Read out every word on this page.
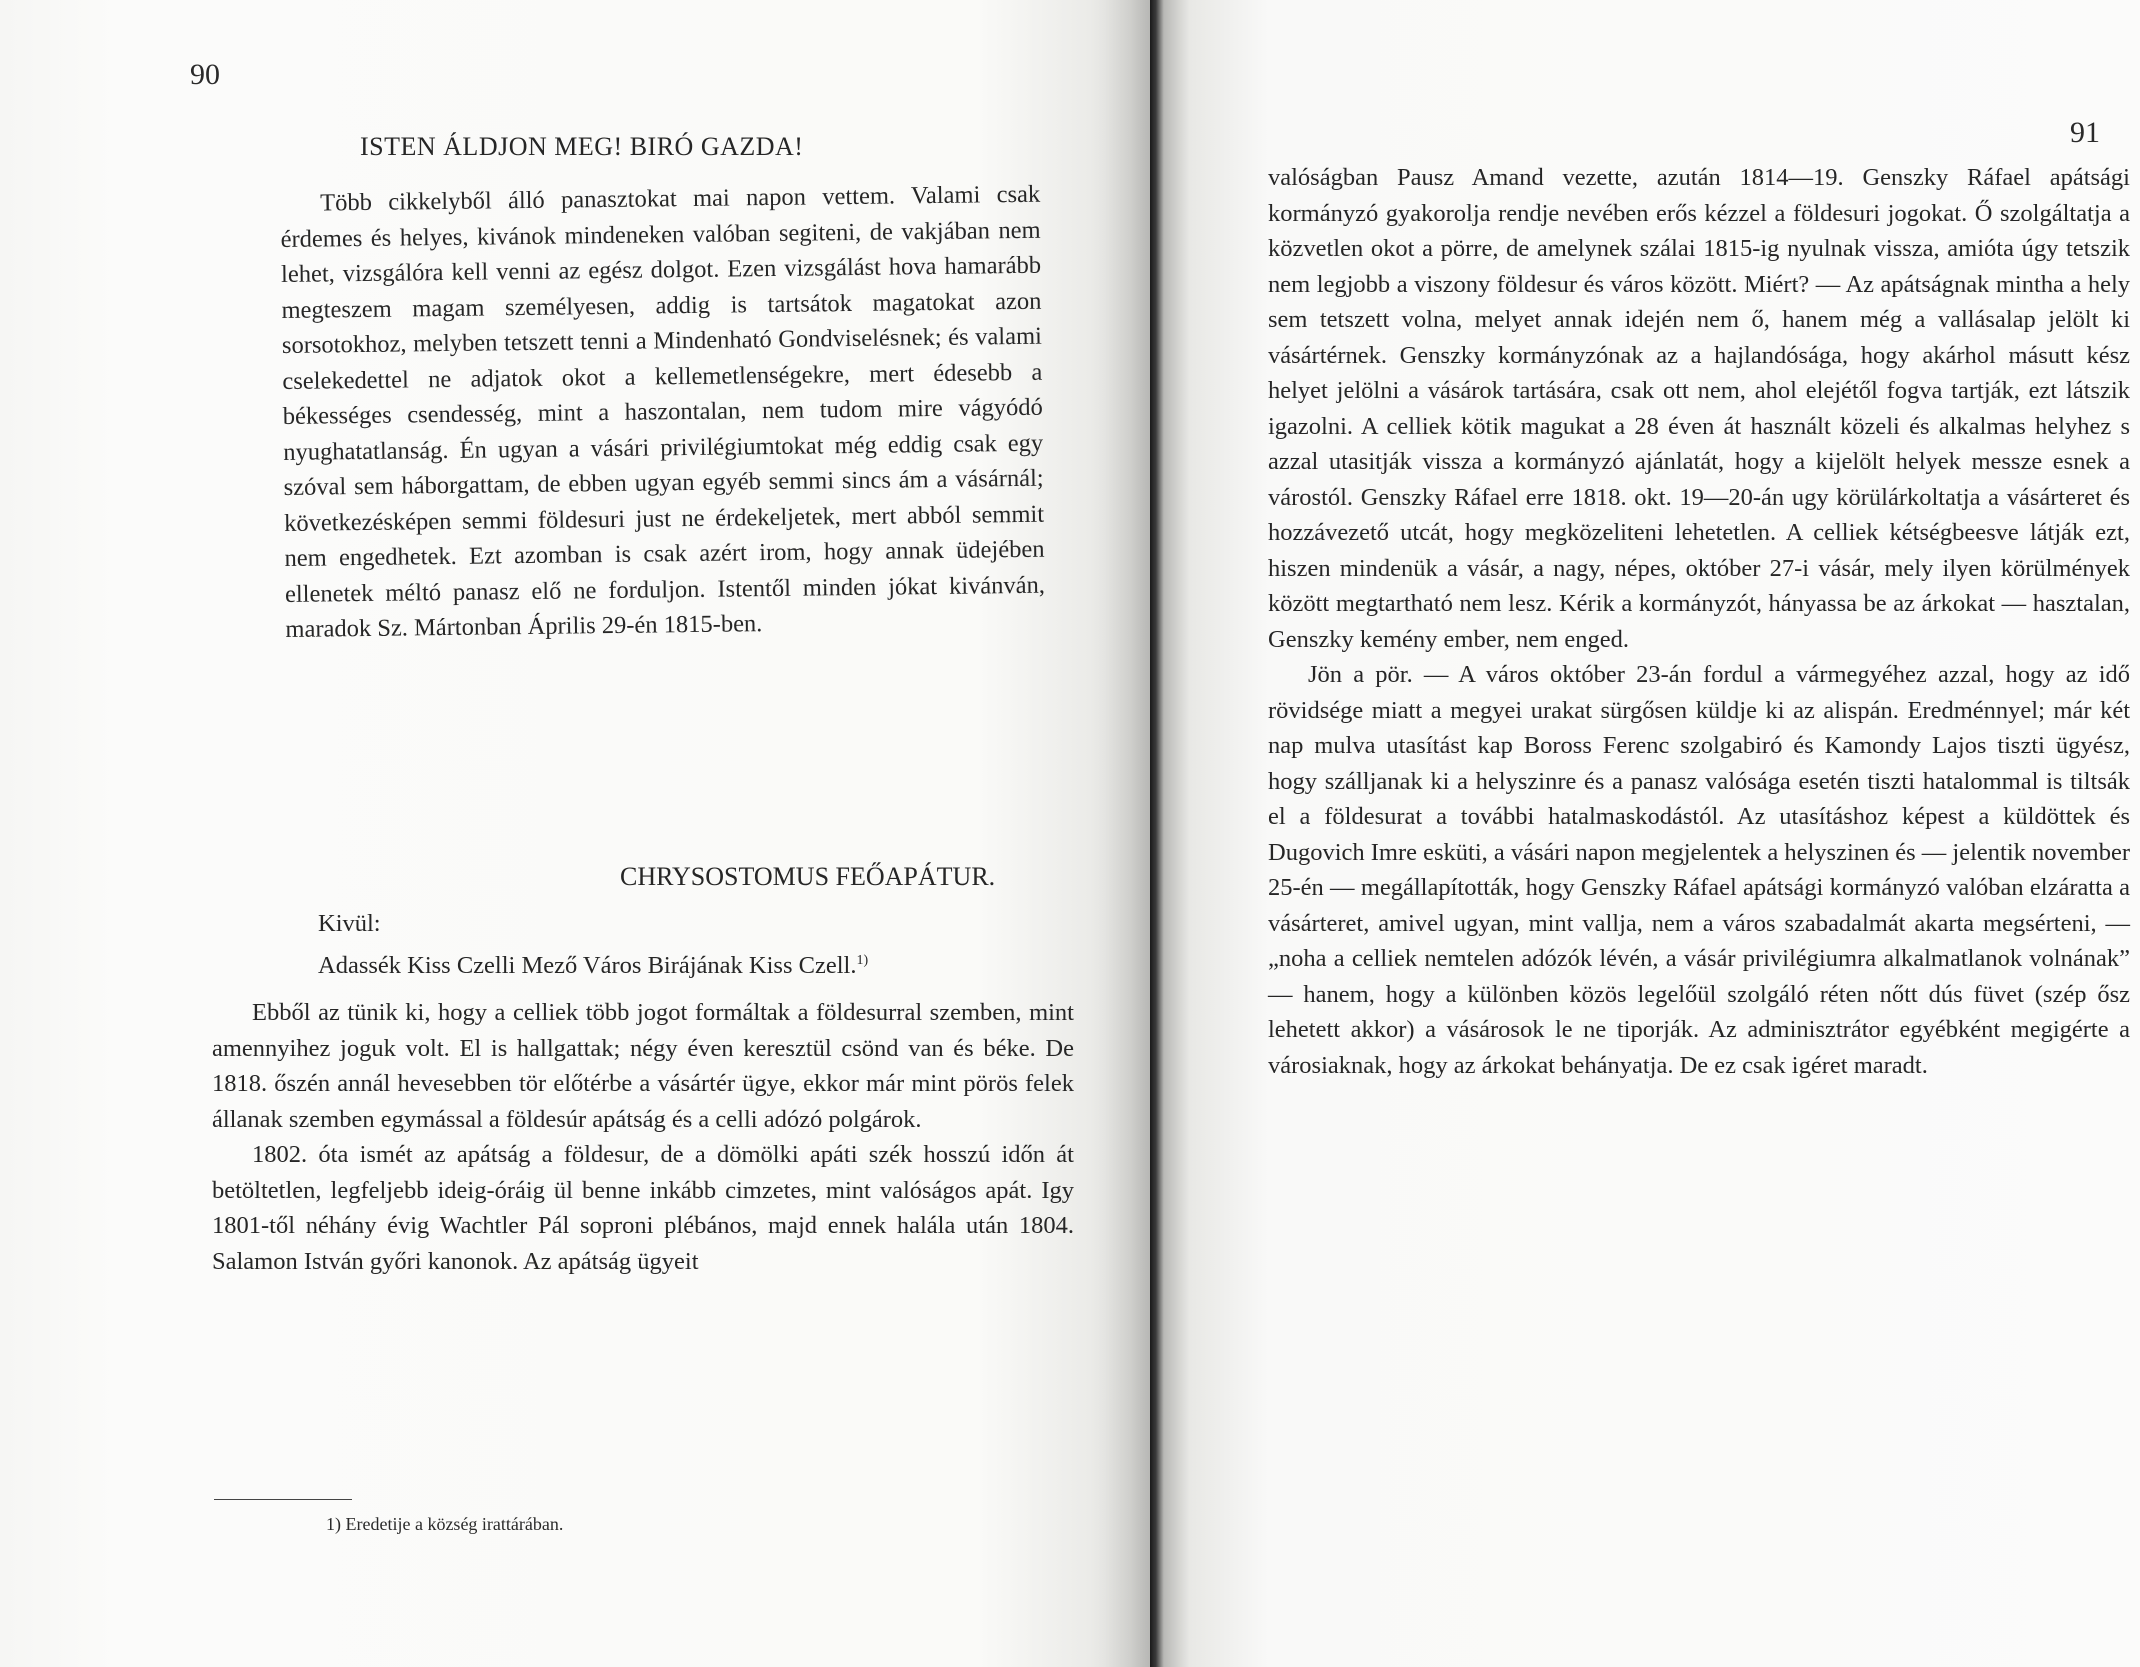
90
ISTEN ÁLDJON MEG! BIRÓ GAZDA!

Több cikkelyből álló panasztokat mai napon vettem. Valami csak érdemes és helyes, kivánok mindeneken valóban segiteni, de vakjában nem lehet, vizsgálóra kell venni az egész dolgot. Ezen vizsgálást hova hamarább megteszem magam személyesen, addig is tartsátok magatokat azon sorsotokhoz, melyben tetszett tenni a Mindenható Gondviselésnek; és valami cselekedettel ne adjatok okot a kellemetlenségekre, mert édesebb a békességes csendesség, mint a haszontalan, nem tudom mire vágyódó nyughatatlanság. Én ugyan a vásári privilégiumtokat még eddig csak egy szóval sem háborgattam, de ebben ugyan egyéb semmi sincs ám a vásárnál; következésképen semmi földesuri just ne érdekeljetek, mert abból semmit nem engedhetek. Ezt azomban is csak azért irom, hogy annak üdejében ellenetek méltó panasz elő ne forduljon. Istentől minden jókat kivánván, maradok Sz. Mártonban Április 29-én 1815-ben.

CHRYSOSTOMUS FEŐAPÁTUR.
Kivül:
Adassék Kiss Czelli Mező Város Birájának Kiss Czell.$^{1)}$

Ebből az tünik ki, hogy a celliek több jogot formáltak a földesurral szemben, mint amennyihez joguk volt. El is hallgattak; négy éven keresztül csönd van és béke. De 1818. őszén annál hevesebben tör előtérbe a vásártér ügye, ekkor már mint pörös felek állanak szemben egymással a földesúr apátság és a celli adózó polgárok.

1802. óta ismét az apátság a földesur, de a dömölki apáti szék hosszú időn át betöltetlen, legfeljebb ideig-óráig ül benne inkább cimzetes, mint valóságos apát. Igy 1801-től néhány évig Wachtler Pál soproni plébános, majd ennek halála után 1804. Salamon István győri kanonok. Az apátság ügyeit

1) Eredetije a község irattárában.
91

valóságban Pausz Amand vezette, azután 1814—19. Genszky Ráfael apátsági kormányzó gyakorolja rendje nevében erős kézzel a földesuri jogokat. Ő szolgáltatja a közvetlen okot a pörre, de amelynek szálai 1815-ig nyulnak vissza, amióta úgy tetszik nem legjobb a viszony földesur és város között. Miért? — Az apátságnak mintha a hely sem tetszett volna, melyet annak idején nem ő, hanem még a vallásalap jelölt ki vásártérnek. Genszky kormányzónak az a hajlandósága, hogy akárhol másutt kész helyet jelölni a vásárok tartására, csak ott nem, ahol elejétől fogva tartják, ezt látszik igazolni. A celliek kötik magukat a 28 éven át használt közeli és alkalmas helyhez s azzal utasitják vissza a kormányzó ajánlatát, hogy a kijelölt helyek messze esnek a várostól. Genszky Ráfael erre 1818. okt. 19—20-án ugy körülárkoltatja a vásárteret és hozzávezető utcát, hogy megközeliteni lehetetlen. A celliek kétségbeesve látják ezt, hiszen mindenük a vásár, a nagy, népes, október 27-i vásár, mely ilyen körülmények között megtartható nem lesz. Kérik a kormányzót, hányassa be az árkokat — hasztalan, Genszky kemény ember, nem enged.

Jön a pör. — A város október 23-án fordul a vármegyéhez azzal, hogy az idő rövidsége miatt a megyei urakat sürgősen küldje ki az alispán. Eredménnyel; már két nap mulva utasítást kap Boross Ferenc szolgabiró és Kamondy Lajos tiszti ügyész, hogy szálljanak ki a helyszinre és a panasz valósága esetén tiszti hatalommal is tiltsák el a földesurat a további hatalmaskodástól. Az utasításhoz képest a küldöttek és Dugovich Imre esküti, a vásári napon megjelentek a helyszinen és — jelentik november 25-én — megállapították, hogy Genszky Ráfael apátsági kormányzó valóban elzáratta a vásárteret, amivel ugyan, mint vallja, nem a város szabadalmát akarta megsérteni, — „noha a celliek nemtelen adózók lévén, a vásár privilégiumra alkalmatlanok volnának” — hanem, hogy a különben közös legelőül szolgáló réten nőtt dús füvet (szép ősz lehetett akkor) a vásárosok le ne tiporják. Az adminisztrátor egyébként megigérte a városiaknak, hogy az árkokat behányatja. De ez csak igéret maradt.
